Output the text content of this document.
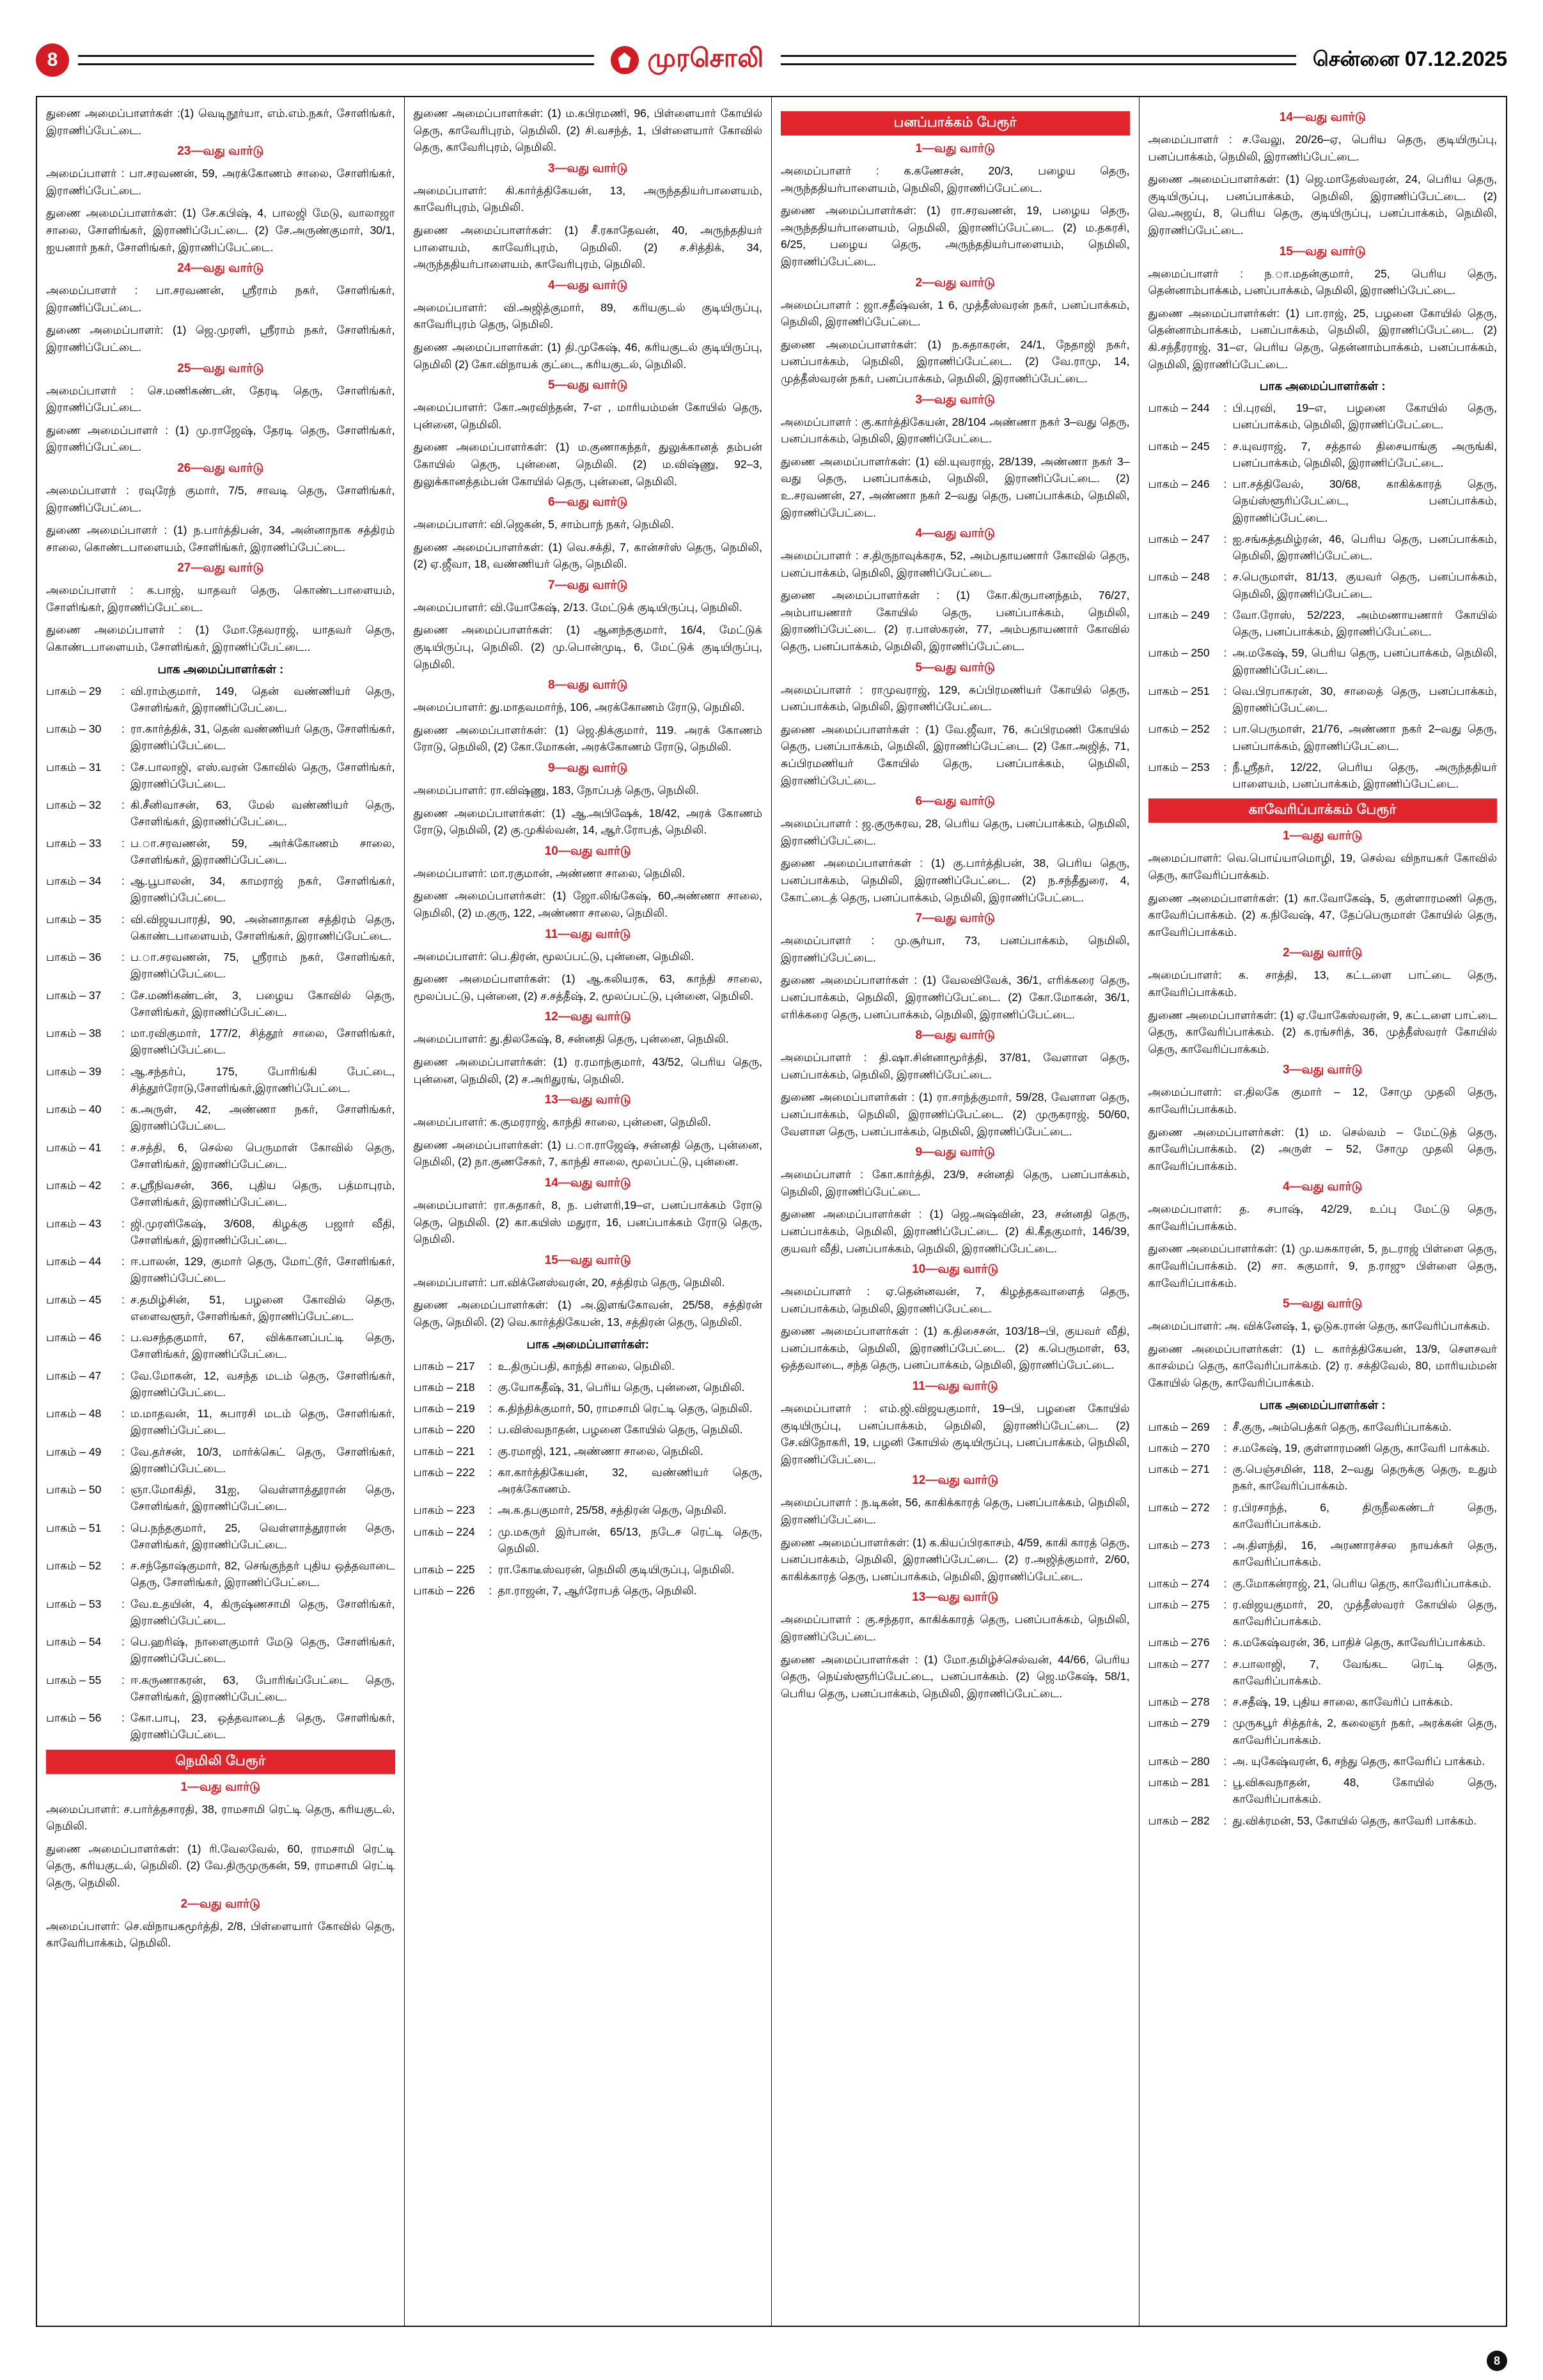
8	முரசொலி	சென்னை 07.12.2025
துணை அமைப்பாளர்கள் :(1) வெடிநூர்யா, எம்.எம்.நகர், சோளிங்கர், இராணிப்பேட்டை.
23—வது வார்டு
அமைப்பாளர் : பா.சரவணன், 59, அரக்கோணம் சாலை, சோளிங்கர், இராணிப்பேட்டை.
துணை அமைப்பாளர்கள்: (1) சே.கபிஷ், 4, பாலஜி மேடு, வாலாஜா சாலை, சோளிங்கர், இராணிப்பேட்டை. (2) சே.அருண்குமார், 30/1, ஐயனார் நகர், சோளிங்கர், இராணிப்பேட்டை.
24—வது வார்டு
அமைப்பாளர் : பா.சரவணன், ஸ்ரீராம் நகர், சோளிங்கர், இராணிப்பேட்டை.
துணை அமைப்பாளர்: (1) ஜெ.முரளி, ஸ்ரீராம் நகர், சோளிங்கர், இராணிப்பேட்டை.
25—வது வார்டு
அமைப்பாளர் : செ.மணிகண்டன், தேரடி தெரு, சோளிங்கர், இராணிப்பேட்டை.
துணை அமைப்பாளர் : (1) மு.ராஜேஷ், தேரடி தெரு, சோளிங்கர், இராணிப்பேட்டை.
26—வது வார்டு
அமைப்பாளர் : ரவுரேந் குமார், 7/5, சாவடி தெரு, சோளிங்கர், இராணிப்பேட்டை.
துணை அமைப்பாளர் : (1) ந.பார்த்திபன், 34, அன்னாநாக சத்திரம் சாலை, கொண்டபாளையம், சோளிங்கர், இராணிப்பேட்டை.
27—வது வார்டு
அமைப்பாளர் : க.பாஜ், யாதவர் தெரு, கொண்டபாளையம், சோளிங்கர், இராணிப்பேட்டை.
துணை அமைப்பாளர் : (1) மோ.தேவராஜ், யாதவர் தெரு, கொண்டபாளையம், சோளிங்கர், இராணிப்பேட்டை..
பாக அமைப்பாளர்கள் :
பாகம் – 29	: வி.ராம்குமார், 149, தென் வண்ணியர் தெரு, சோளிங்கர், இராணிப்பேட்டை.
பாகம் – 30	: ரா.கார்த்திக், 31, தென் வண்ணியர் தெரு, சோளிங்கர், இராணிப்பேட்டை.
பாகம் – 31	: சே.பாலாஜி, எஸ்.வரன் கோவில் தெரு, சோளிங்கர், இராணிப்பேட்டை.
பாகம் – 32	: கி.சீனிவாசன், 63, மேல் வண்ணியர் தெரு, சோளிங்கர், இராணிப்பேட்டை.
பாகம் – 33	: ப.ா.சரவணன், 59, அர்க்கோணம் சாலை, சோளிங்கர், இராணிப்பேட்டை.
பாகம் – 34	: ஆ.பூபாலன், 34, காமராஜ் நகர், சோளிங்கர், இராணிப்பேட்டை.
பாகம் – 35	: வி.விஜயபாரதி, 90, அன்னாதான சத்திரம் தெரு, கொண்டபாளையம், சோளிங்கர், இராணிப்பேட்டை.
பாகம் – 36	: ப.ா.சரவணன், 75, ஸ்ரீராம் நகர், சோளிங்கர், இராணிப்பேட்டை.
பாகம் – 37	: சே.மணிகண்டன், 3, பழைய கோவில் தெரு, சோளிங்கர், இராணிப்பேட்டை.
பாகம் – 38	: மா.ரவிகுமார், 177/2, சித்தூர் சாலை, சோளிங்கர், இராணிப்பேட்டை.
பாகம் – 39	: ஆ.சந்தர்ப், 175, போரிங்கி பேட்டை, சித்தூர்ரோடு,சோளிங்கர்,இராணிப்பேட்டை.
பாகம் – 40	: க.அருள், 42, அண்ணா நகர், சோளிங்கர், இராணிப்பேட்டை.
பாகம் – 41	: ச.சத்தி, 6, செல்ல பெருமாள் கோவில் தெரு, சோளிங்கர், இராணிப்பேட்டை.
பாகம் – 42	: ச.ஸ்ரீநிவசன், 366, புதிய தெரு, பத்மாபுரம், சோளிங்கர், இராணிப்பேட்டை.
பாகம் – 43	: ஜி.முரளிகேஷ், 3/608, கிழக்கு பஜார் வீதி, சோளிங்கர், இராணிப்பேட்டை.
பாகம் – 44	: ஈ.பாலன், 129, குமார் தெரு, மோட்டூர், சோளிங்கர், இராணிப்பேட்டை.
பாகம் – 45	: ச.தமிழ்சின், 51, பழனை கோவில் தெரு, எளைவளூர், சோளிங்கர், இராணிப்பேட்டை.
பாகம் – 46	: ப.வசந்தகுமார், 67, விக்கானப்பட்டி தெரு, சோளிங்கர், இராணிப்பேட்டை.
பாகம் – 47	: வே.மோகன், 12, வசந்த மடம் தெரு, சோளிங்கர், இராணிப்பேட்டை.
பாகம் – 48	: ம.மாதவன், 11, சுபாரசி மடம் தெரு, சோளிங்கர், இராணிப்பேட்டை.
பாகம் – 49	: வே.தர்சன், 10/3, மார்க்கெட் தெரு, சோளிங்கர், இராணிப்பேட்டை.
பாகம் – 50	: ஞா.மோகிதி, 31ஐ, வெள்ளாத்தூரான் தெரு, சோளிங்கர், இராணிப்பேட்டை.
பாகம் – 51	: பெ.நந்தகுமார், 25, வெள்ளாத்தூரான் தெரு, சோளிங்கர், இராணிப்பேட்டை.
பாகம் – 52	: ச.சந்தோஷ்குமார், 82, செங்குந்தர் புதிய ஒத்தவாடை தெரு, சோளிங்கர், இராணிப்பேட்டை.
பாகம் – 53	: வே.உதயின், 4, கிருஷ்ணசாமி தெரு, சோளிங்கர், இராணிப்பேட்டை.
பாகம் – 54	: பெ.ஹரிஷ், நாளைகுமார் மேடு தெரு, சோளிங்கர், இராணிப்பேட்டை.
பாகம் – 55	: ஈ.கருணாகரன், 63, போரிங்ப்பேட்டை தெரு, சோளிங்கர், இராணிப்பேட்டை.
பாகம் – 56	: கோ.பாபு, 23, ஒத்தவாடைத் தெரு, சோளிங்கர், இராணிப்பேட்டை.
நெமிலி பேரூர்
1—வது வார்டு
அமைப்பாளர்: ச.பார்த்தசாரதி, 38, ராமசாமி ரெட்டி தெரு, கரியகுடல், நெமிலி.
துணை அமைப்பாளர்கள்: (1) ரி.வேலவேல், 60, ராமசாமி ரெட்டி தெரு, கரியகுடல், நெமிலி. (2) வே.திருமுருகன், 59, ராமசாமி ரெட்டி தெரு, நெமிலி.
2—வது வார்டு
அமைப்பாளர்: செ.விநாயகமூர்த்தி, 2/8, பிள்ளையார் கோவில் தெரு, காவேரிபாக்கம், நெமிலி.
துணை அமைப்பாளர்கள்: (1) ம.கபிரமணி, 96, பிள்ளையார் கோயில் தெரு, காவேரிபுரம், நெமிலி. (2) சி.வசந்த், 1, பிள்ளையார் கோவில் தெரு, காவேரிபுரம், நெமிலி.
3—வது வார்டு
அமைப்பாளர்: கி.கார்த்திகேயன், 13, அருந்ததியர்பாளையம், காவேரிபுரம், நெமிலி.
துணை அமைப்பாளர்கள்: (1) சீ.ரகாதேவன், 40, அருந்ததியர் பாளையம், காவேரிபுரம், நெமிலி. (2) ச.சித்திக், 34, அருந்ததியர்பாளையம், காவேரிபுரம், நெமிலி.
4—வது வார்டு
அமைப்பாளர்: வி.அஜித்குமார், 89, கரியகுடல் குடியிருப்பு, காவேரிபுரம் தெரு, நெமிலி.
துணை அமைப்பாளர்கள்: (1) தி.முகேஷ், 46, கரியகுடல் குடியிருப்பு, நெமிலி (2) கோ.விநாயக் குட்டை, கரியகுடல், நெமிலி.
5—வது வார்டு
அமைப்பாளர்: கோ.அரவிந்தன், 7-எ , மாரியம்மன் கோயில் தெரு, புன்னை, நெமிலி.
துணை அமைப்பாளர்கள்: (1) ம.குணாகந்தர், துலுக்கானத் தம்பன் கோயில் தெரு, புன்னை, நெமிலி. (2) ம.விஷ்ணு, 92–3, துலுக்கானத்தம்பன் கோயில் தெரு, புன்னை, நெமிலி.
6—வது வார்டு
அமைப்பாளர்: வி.ஜெகன், 5, சாம்பாந் நகர், நெமிலி.
துணை அமைப்பாளர்கள்: (1) வெ.சக்தி, 7, கான்சர்ஸ் தெரு, நெமிலி, (2) ஏ.ஜீவா, 18, வண்ணியர் தெரு, நெமிலி.
7—வது வார்டு
அமைப்பாளர்: வி.யோகேஷ், 2/13. மேட்டுக் குடியிருப்பு, நெமிலி.
துணை அமைப்பாளர்கள்: (1) ஆனந்தகுமார், 16/4, மேட்டுக் குடியிருப்பு, நெமிலி. (2) மு.பொன்முடி, 6, மேட்டுக் குடியிருப்பு, நெமிலி.
8—வது வார்டு
அமைப்பாளர்: து.மாதவமார்ந், 106, அரக்கோணம் ரோடு, நெமிலி.
துணை அமைப்பாளர்கள்: (1) ஜெ.திக்குமார், 119. அரக் கோணம் ரோடு, நெமிலி, (2) கோ.மோகன், அரக்கோணம் ரோடு, நெமிலி.
9—வது வார்டு
அமைப்பாளர்: ரா.விஷ்ணு, 183, நோப்பத் தெரு, நெமிலி.
துணை அமைப்பாளர்கள்: (1) ஆ.அபிஷேக், 18/42, அரக் கோணம் ரோடு, நெமிலி, (2) கு.முகில்வன், 14, ஆர்.ரோபத், நெமிலி.
10—வது வார்டு
அமைப்பாளர்: மா.ரகுமான், அண்ணா சாலை, நெமிலி.
துணை அமைப்பாளர்கள்: (1) ஜோ.லிங்கேஷ், 60,அண்ணா சாலை, நெமிலி, (2) ம.குரு, 122, அண்ணா சாலை, நெமிலி.
11—வது வார்டு
அமைப்பாளர்: பெ.திரன், மூலப்பட்டு, புன்னை, நெமிலி.
துணை அமைப்பாளர்கள்: (1) ஆ.கலியரக, 63, காந்தி சாலை, மூலப்பட்டு, புன்னை, (2) ச.சத்தீஷ், 2, மூலப்பட்டு, புன்னை, நெமிலி.
12—வது வார்டு
அமைப்பாளர்: து.திலகேஷ், 8, சன்னதி தெரு, புன்னை, நெமிலி.
துணை அமைப்பாளர்கள்: (1) ர.ரமாந்குமார், 43/52, பெரிய தெரு, புன்னை, நெமிலி, (2) ச.அரிதுரங், நெமிலி.
13—வது வார்டு
அமைப்பாளர்: க.குமரராஜ், காந்தி சாலை, புன்னை, நெமிலி.
துணை அமைப்பாளர்கள்: (1) ப.ா.ராஜேஷ், சன்னதி தெரு, புன்னை, நெமிலி, (2) நா.குணசேகர், 7, காந்தி சாலை, மூலப்பட்டு, புன்னை.
14—வது வார்டு
அமைப்பாளர்: ரா.சுதாகர், 8, ந. பள்ளரி,19–எ, பனப்பாக்கம் ரோடு தெரு, நெமிலி. (2) கா.கயிஸ் மதுரா, 16, பனப்பாக்கம் ரோடு தெரு, நெமிலி.
15—வது வார்டு
அமைப்பாளர்: பா.விக்னேஸ்வரன், 20, சத்திரம் தெரு, நெமிலி.
துணை அமைப்பாளர்கள்: (1) அ.இளங்கோவன், 25/58, சத்திரன் தெரு, நெமிலி. (2) வெ.கார்த்திகேயன், 13, சத்திரன் தெரு, நெமிலி.
பாக அமைப்பாளர்கள்:
பாகம் – 217	: உ.திருப்பதி, காந்தி சாலை, நெமிலி.
பாகம் – 218	: கு.யோகதீஷ், 31, பெரிய தெரு, புன்னை, நெமிலி.
பாகம் – 219	: க.திந்திக்குமார், 50, ராமசாமி ரெட்டி தெரு, நெமிலி.
பாகம் – 220	: ப.விஸ்வநாதன், பழனை கோயில் தெரு, நெமிலி.
பாகம் – 221	: கு.ரமாஜி, 121, அண்ணா சாலை, நெமிலி.
பாகம் – 222	: கா.கார்த்திகேயன், 32, வண்ணியர் தெரு, அரக்கோணம்.
பாகம் – 223	: அ.க.தபகுமார், 25/58, சத்திரன் தெரு, நெமிலி.
பாகம் – 224	: மு.மகருர் இர்பான், 65/13, நடேச ரெட்டி தெரு, நெமிலி.
பாகம் – 225	: ரா.கோடீஸ்வரன், நெமிலி குடியிருப்பு, நெமிலி.
பாகம் – 226	: தா.ராஜன், 7, ஆர்ரோபத் தெரு, நெமிலி.
பனப்பாக்கம் பேரூர்
1—வது வார்டு
அமைப்பாளர் : க.கணேசன், 20/3, பழைய தெரு, அருந்ததியர்பாளையம், நெமிலி, இராணிப்பேட்டை.
துணை அமைப்பாளர்கள்: (1) ரா.சரவணன், 19, பழைய தெரு, அருந்ததியர்பாளையம், நெமிலி, இராணிப்பேட்டை. (2) ம.தகரசி, 6/25, பழைய தெரு, அருந்ததியர்பாளையம், நெமிலி, இராணிப்பேட்டை.
2—வது வார்டு
அமைப்பாளர் : ஜா.சதீஷ்வன், 1 6, முத்தீஸ்வரன் நகர், பனப்பாக்கம், நெமிலி, இராணிப்பேட்டை.
துணை அமைப்பாளர்கள்: (1) ந.சுதாகரன், 24/1, நேதாஜி நகர், பனப்பாக்கம், நெமிலி, இராணிப்பேட்டை. (2) வே.ராமு, 14, முத்தீஸ்வரன் நகர், பனப்பாக்கம், நெமிலி, இராணிப்பேட்டை.
3—வது வார்டு
அமைப்பாளர் : கு.கார்த்திகேயன், 28/104 அண்ணா நகர் 3–வது தெரு, பனப்பாக்கம், நெமிலி, இராணிப்பேட்டை.
துணை அமைப்பாளர்கள்: (1) வி.யுவராஜ், 28/139, அண்ணா நகர் 3–வது தெரு, பனப்பாக்கம், நெமிலி, இராணிப்பேட்டை. (2) உ.சரவணன், 27, அண்ணா நகர் 2–வது தெரு, பனப்பாக்கம், நெமிலி, இராணிப்பேட்டை.
4—வது வார்டு
அமைப்பாளர் : ச.திருநாவுக்கரசு, 52, அம்பதாயணார் கோவில் தெரு, பனப்பாக்கம், நெமிலி, இராணிப்பேட்டை.
துணை அமைப்பாளர்கள் : (1) கோ.கிருபானந்தம், 76/27, அம்பாயணார் கோயில் தெரு, பனப்பாக்கம், நெமிலி, இராணிப்பேட்டை. (2) ர.பாஸ்கரன், 77, அம்பதாயணார் கோவில் தெரு, பனப்பாக்கம், நெமிலி, இராணிப்பேட்டை.
5—வது வார்டு
அமைப்பாளர் : ராமுவராஜ், 129, சுப்பிரமணியர் கோயில் தெரு, பனப்பாக்கம், நெமிலி, இராணிப்பேட்டை.
துணை அமைப்பாளர்கள் : (1) வே.ஜீவா, 76, சுப்பிரமணி கோயில் தெரு, பனப்பாக்கம், நெமிலி, இராணிப்பேட்டை. (2) கோ.அஜித், 71, சுப்பிரமணியர் கோயில் தெரு, பனப்பாக்கம், நெமிலி, இராணிப்பேட்டை.
6—வது வார்டு
அமைப்பாளர் : ஜ.குருசுரவ, 28, பெரிய தெரு, பனப்பாக்கம், நெமிலி, இராணிப்பேட்டை.
துணை அமைப்பாளர்கள் : (1) கு.பார்த்திபன், 38, பெரிய தெரு, பனப்பாக்கம், நெமிலி, இராணிப்பேட்டை. (2) ந.சந்தீதுரை, 4, கோட்டைத் தெரு, பனப்பாக்கம், நெமிலி, இராணிப்பேட்டை.
7—வது வார்டு
அமைப்பாளர் : மு.சூர்யா, 73, பனப்பாக்கம், நெமிலி, இராணிப்பேட்டை.
துணை அமைப்பாளர்கள் : (1) வேலவிவேக், 36/1, எரிக்கரை தெரு, பனப்பாக்கம், நெமிலி, இராணிப்பேட்டை. (2) கோ.மோகன், 36/1, எரிக்கரை தெரு, பனப்பாக்கம், நெமிலி, இராணிப்பேட்டை.
8—வது வார்டு
அமைப்பாளர் : தி.ஷா.சின்னாமூர்த்தி, 37/81, வேளாள தெரு, பனப்பாக்கம், நெமிலி, இராணிப்பேட்டை.
துணை அமைப்பாளர்கள் : (1) ரா.சாந்த்குமார், 59/28, வேளாள தெரு, பனப்பாக்கம், நெமிலி, இராணிப்பேட்டை. (2) முருகராஜ், 50/60, வேளாள தெரு, பனப்பாக்கம், நெமிலி, இராணிப்பேட்டை.
9—வது வார்டு
அமைப்பாளர் : கோ.கார்த்தி, 23/9, சன்னதி தெரு, பனப்பாக்கம், நெமிலி, இராணிப்பேட்டை.
துணை அமைப்பாளர்கள் : (1) ஜெ.அஷ்வின், 23, சன்னதி தெரு, பனப்பாக்கம், நெமிலி, இராணிப்பேட்டை. (2) கி.கீதகுமார், 146/39, குயவர் வீதி, பனப்பாக்கம், நெமிலி, இராணிப்பேட்டை.
10—வது வார்டு
அமைப்பாளர் : ஏ.தென்னவன், 7, கிழத்தகவாளைத் தெரு, பனப்பாக்கம், நெமிலி, இராணிப்பேட்டை.
துணை அமைப்பாளர்கள் : (1) க.திசைசன், 103/18–பி, குயவர் வீதி, பனப்பாக்கம், நெமிலி, இராணிப்பேட்டை. (2) க.பெருமாள், 63, ஒத்தவாடை, சந்த தெரு, பனப்பாக்கம், நெமிலி, இராணிப்பேட்டை.
11—வது வார்டு
அமைப்பாளர் : எம்.ஜி.விஜயகுமார், 19–பி, பழனை கோயில் குடியிருப்பு, பனப்பாக்கம், நெமிலி, இராணிப்பேட்டை. (2) சே.விநோகரி, 19, பழனி கோயில் குடியிருப்பு, பனப்பாக்கம், நெமிலி, இராணிப்பேட்டை.
12—வது வார்டு
அமைப்பாளர் : ந.டிகன், 56, காகிக்காரத் தெரு, பனப்பாக்கம், நெமிலி, இராணிப்பேட்டை.
துணை அமைப்பாளர்கள்: (1) க.கியப்பிரகாசம், 4/59, காகி காரத் தெரு, பனப்பாக்கம், நெமிலி, இராணிப்பேட்டை. (2) ர.அஜித்குமார், 2/60, காகிக்காரத் தெரு, பனப்பாக்கம், நெமிலி, இராணிப்பேட்டை.
13—வது வார்டு
அமைப்பாளர் : கு.சந்தரா, காகிக்காரத் தெரு, பனப்பாக்கம், நெமிலி, இராணிப்பேட்டை.
துணை அமைப்பாளர்கள் : (1) மோ.தமிழ்ச்செல்வன், 44/66, பெரிய தெரு, நெய்ஸ்ளூரிப்பேட்டை, பனப்பாக்கம். (2) ஜெ.மகேஷ், 58/1, பெரிய தெரு, பனப்பாக்கம், நெமிலி, இராணிப்பேட்டை.
14—வது வார்டு
அமைப்பாளர் : ச.வேலு, 20/26–ஏ, பெரிய தெரு, குடியிருப்பு, பனப்பாக்கம், நெமிலி, இராணிப்பேட்டை.
துணை அமைப்பாளர்கள்: (1) ஜெ.மாதேஸ்வரன், 24, பெரிய தெரு, குடியிருப்பு, பனப்பாக்கம், நெமிலி, இராணிப்பேட்டை. (2) வெ.அஜய், 8, பெரிய தெரு, குடியிருப்பு, பனப்பாக்கம், நெமிலி, இராணிப்பேட்டை.
15—வது வார்டு
அமைப்பாளர் : ந.ா.மதன்குமார், 25, பெரிய தெரு, தென்னாம்பாக்கம், பனப்பாக்கம், நெமிலி, இராணிப்பேட்டை.
துணை அமைப்பாளர்கள்: (1) பா.ராஜ், 25, பழனை கோயில் தெரு, தென்னாம்பாக்கம், பனப்பாக்கம், நெமிலி, இராணிப்பேட்டை. (2) கி.சந்தீரராஜ், 31–எ, பெரிய தெரு, தென்னாம்பாக்கம், பனப்பாக்கம், நெமிலி, இராணிப்பேட்டை.
பாக அமைப்பாளர்கள் :
பாகம் – 244	: பி.புரவி, 19–எ, பழனை கோயில் தெரு, பனப்பாக்கம், நெமிலி, இராணிப்பேட்டை.
பாகம் – 245	: ச.யுவராஜ், 7, சத்தால் திசையாங்கு அருங்கி, பனப்பாக்கம், நெமிலி, இராணிப்பேட்டை.
பாகம் – 246	: பா.சத்திவேல், 30/68, காகிக்காரத் தெரு, நெய்ஸ்ளூரிப்பேட்டை, பனப்பாக்கம், இராணிப்பேட்டை.
பாகம் – 247	: ஐ.சங்கத்தமிழ்ரன், 46, பெரிய தெரு, பனப்பாக்கம், நெமிலி, இராணிப்பேட்டை.
பாகம் – 248	: ச.பெருமாள், 81/13, குயவர் தெரு, பனப்பாக்கம், நெமிலி, இராணிப்பேட்டை.
பாகம் – 249	: வோ.ரோஸ், 52/223, அம்மணாயணார் கோயில் தெரு, பனப்பாக்கம், இராணிப்பேட்டை.
பாகம் – 250	: அ.மகேஷ், 59, பெரிய தெரு, பனப்பாக்கம், நெமிலி, இராணிப்பேட்டை.
பாகம் – 251	: வெ.பிரபாகரன், 30, சாலைத் தெரு, பனப்பாக்கம், இராணிப்பேட்டை.
பாகம் – 252	: பா.பெருமாள், 21/76, அண்ணா நகர் 2–வது தெரு, பனப்பாக்கம், இராணிப்பேட்டை.
பாகம் – 253	: நீ.ஸ்ரீதர், 12/22, பெரிய தெரு, அருந்ததியர் பாளையம், பனப்பாக்கம், இராணிப்பேட்டை.
காவேரிப்பாக்கம் பேரூர்
1—வது வார்டு
அமைப்பாளர்: வெ.பொய்யாமொழி, 19, செல்வ விநாயகர் கோவில் தெரு, காவேரிப்பாக்கம்.
துணை அமைப்பாளர்கள்: (1) கா.வோகேஷ், 5, குள்ளாரமணி தெரு, காவேரிப்பாக்கம். (2) க.நிவேஷ், 47, தேப்பெருமாள் கோயில் தெரு, காவேரிப்பாக்கம்.
2—வது வார்டு
அமைப்பாளர்: க. சாத்தி, 13, கட்டளை பாட்டை தெரு, காவேரிப்பாக்கம்.
துணை அமைப்பாளர்கள்: (1) ஏ.யோகேஸ்வரன், 9, கட்டளை பாட்டை தெரு, காவேரிப்பாக்கம். (2) க.ரங்சரித், 36, முத்தீஸ்வரர் கோயில் தெரு, காவேரிப்பாக்கம்.
3—வது வார்டு
அமைப்பாளர்: எ.திலகே குமார் – 12, சோமு முதலி தெரு, காவேரிப்பாக்கம்.
துணை அமைப்பாளர்கள்: (1) ம. செல்வம் – மேட்டுத் தெரு, காவேரிப்பாக்கம். (2) அருள் – 52, சோமு முதலி தெரு, காவேரிப்பாக்கம்.
4—வது வார்டு
அமைப்பாளர்: த. சபாஷ், 42/29, உப்பு மேட்டு தெரு, காவேரிப்பாக்கம்.
துணை அமைப்பாளர்கள்: (1) மு.யசுகாரன், 5, நடராஜ் பிள்ளை தெரு, காவேரிப்பாக்கம். (2) சா. சுகுமார், 9, ந.ராஜு பிள்ளை தெரு, காவேரிப்பாக்கம்.
5—வது வார்டு
அமைப்பாளர்: அ. விக்னேஷ், 1, ஓடுக.ரான் தெரு, காவேரிப்பாக்கம்.
துணை அமைப்பாளர்கள்: (1) ட கார்த்திகேயன், 13/9, சௌசவர் காசல்மப் தெரு, காவேரிப்பாக்கம். (2) ர. சக்திவேல், 80, மாரியம்மன் கோயில் தெரு, காவேரிப்பாக்கம்.
பாக அமைப்பாளர்கள் :
பாகம் – 269	: சீ.குரு, அம்பெத்கர் தெரு, காவேரிப்பாக்கம்.
பாகம் – 270	: ச.மகேஷ், 19, குள்ளாரமணி தெரு, காவேரி பாக்கம்.
பாகம் – 271	: கு.பெஞ்சமின், 118, 2–வது தெருக்கு தெரு, உதும் நகர், காவேரிப்பாக்கம்.
பாகம் – 272	: ர.பிரசாந்த், 6, திருநீலகண்டர் தெரு, காவேரிப்பாக்கம்.
பாகம் – 273	: அ.திளந்தி, 16, அரணாரச்சல நாயக்கர் தெரு, காவேரிப்பாக்கம்.
பாகம் – 274	: கு.மோகன்ராஜ், 21, பெரிய தெரு, காவேரிப்பாக்கம்.
பாகம் – 275	: ர.விஜயகுமார், 20, முத்தீஸ்வரர் கோயில் தெரு, காவேரிப்பாக்கம்.
பாகம் – 276	: க.மகேஷ்வரன், 36, பாதிச் தெரு, காவேரிப்பாக்கம்.
பாகம் – 277	: ச.பாலாஜி, 7, வேங்கட ரெட்டி தெரு, காவேரிப்பாக்கம்.
பாகம் – 278	: ச.சதீஷ், 19, புதிய சாலை, காவேரிப் பாக்கம்.
பாகம் – 279	: முருகபூர் சித்தர்க், 2, கலைஞர் நகர், அரக்கன் தெரு, காவேரிப்பாக்கம்.
பாகம் – 280	: அ. யுகேஷ்வரன், 6, சந்து தெரு, காவேரிப் பாக்கம்.
பாகம் – 281	: பூ.விசுவநாதன், 48, கோயில் தெரு, காவேரிப்பாக்கம்.
பாகம் – 282	: து.விக்ரமன், 53, கோயில் தெரு, காவேரி பாக்கம்.
8
